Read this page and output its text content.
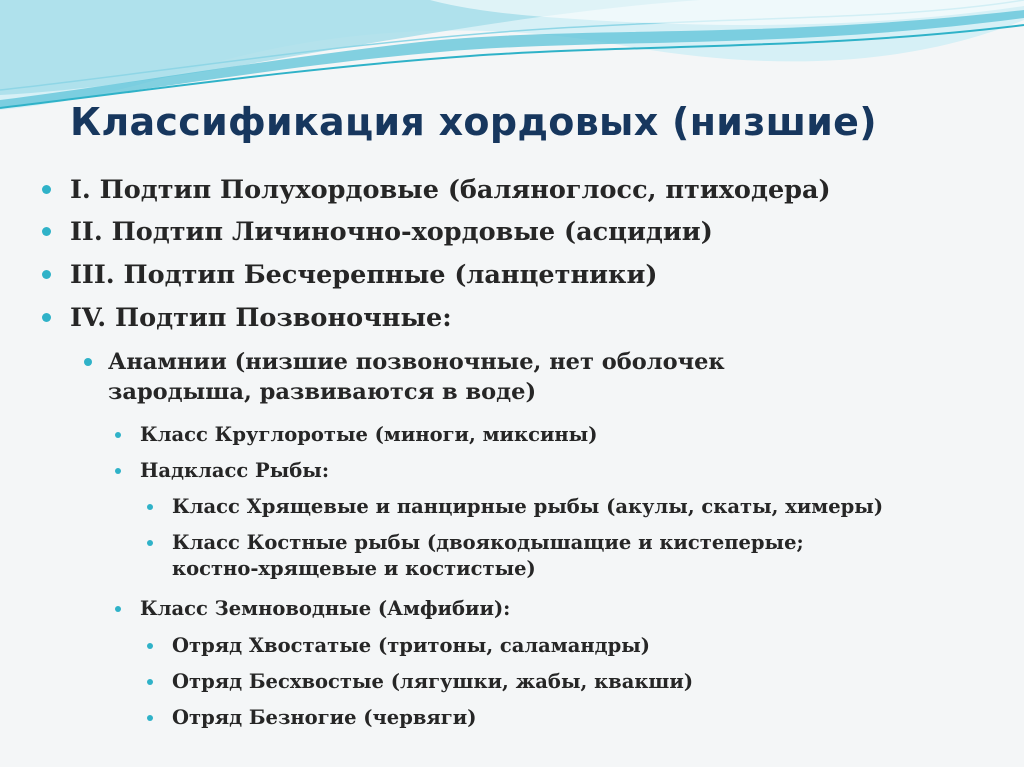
Классификация хордовых (низшие)
I. Подтип Полухордовые (баляноглосс, птиходера)
II. Подтип Личиночно-хордовые (асцидии)
III. Подтип Бесчерепные (ланцетники)
IV. Подтип Позвоночные:
Анамнии (низшие позвоночные, нет оболочек
зародыша, развиваются в воде)
Класс Круглоротые (миноги, миксины)
Надкласс Рыбы:
Класс Хрящевые и панцирные рыбы (акулы, скаты, химеры)
Класс Костные рыбы (двоякодышащие и кистеперые;
костно-хрящевые и костистые)
Класс Земноводные (Амфибии):
Отряд Хвостатые (тритоны, саламандры)
Отряд Бесхвостые (лягушки, жабы, квакши)
Отряд Безногие (червяги)
